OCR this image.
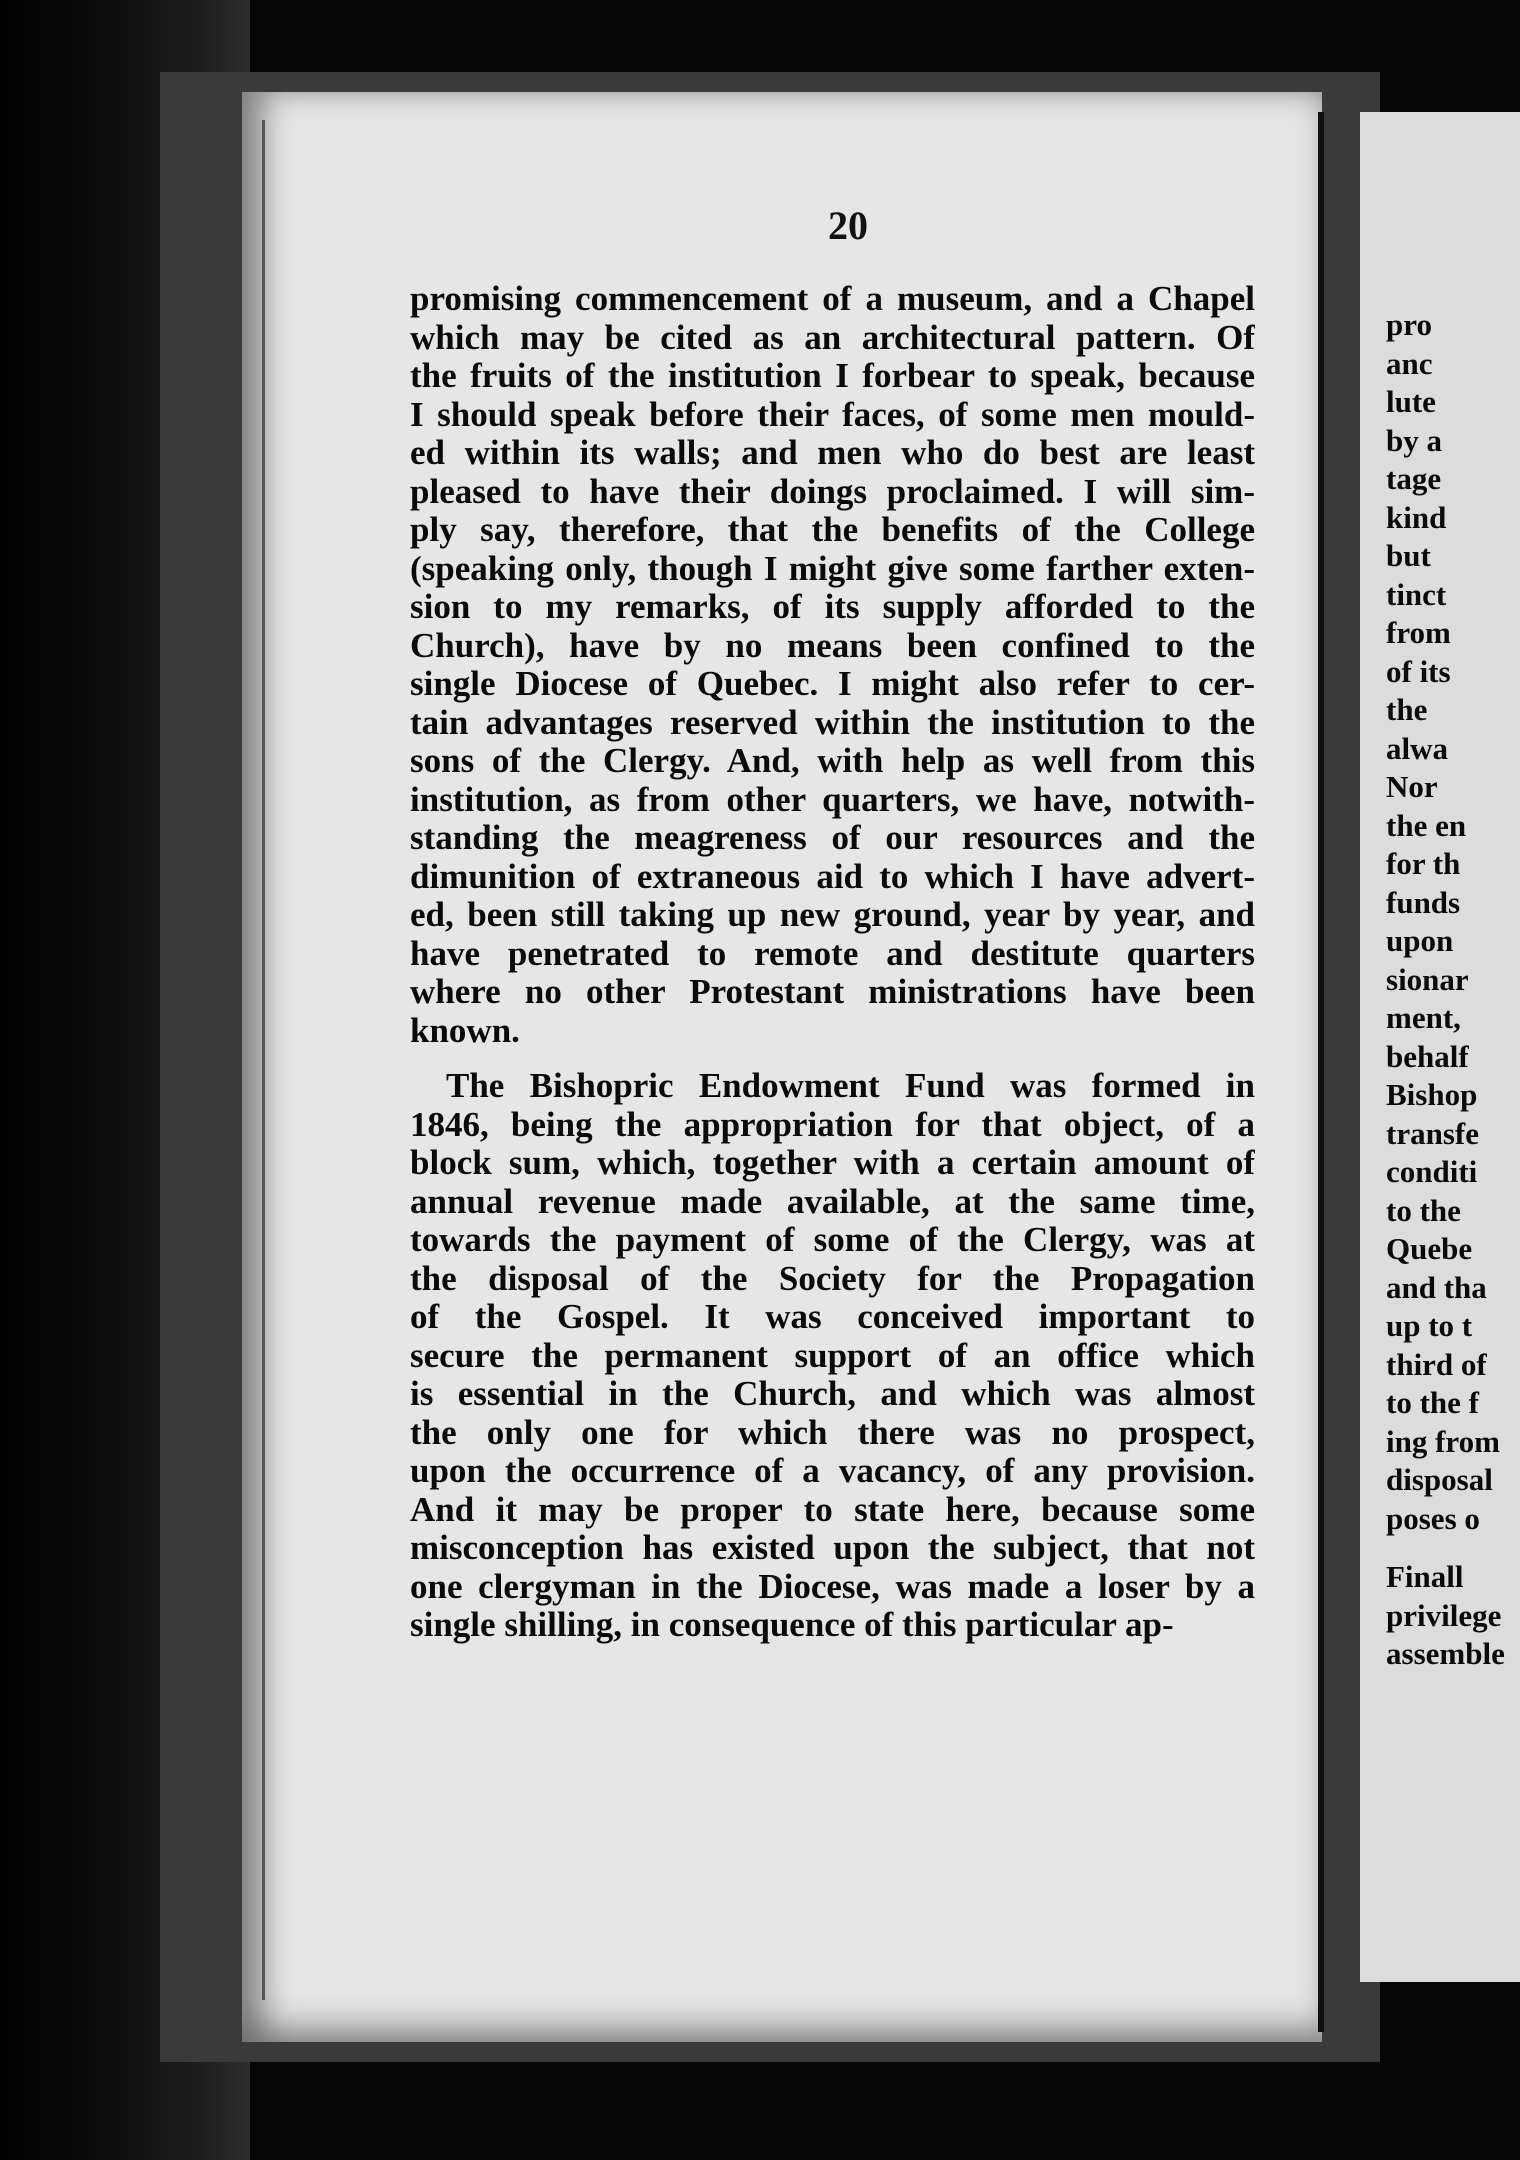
20
promising commencement of a museum, and a Chapel
which may be cited as an architectural pattern. Of
the fruits of the institution I forbear to speak, because
I should speak before their faces, of some men mould-
ed within its walls; and men who do best are least
pleased to have their doings proclaimed. I will sim-
ply say, therefore, that the benefits of the College
(speaking only, though I might give some farther exten-
sion to my remarks, of its supply afforded to the
Church), have by no means been confined to the
single Diocese of Quebec. I might also refer to cer-
tain advantages reserved within the institution to the
sons of the Clergy. And, with help as well from this
institution, as from other quarters, we have, notwith-
standing the meagreness of our resources and the
dimunition of extraneous aid to which I have advert-
ed, been still taking up new ground, year by year, and
have penetrated to remote and destitute quarters
where no other Protestant ministrations have been
known.
The Bishopric Endowment Fund was formed in
1846, being the appropriation for that object, of a
block sum, which, together with a certain amount of
annual revenue made available, at the same time,
towards the payment of some of the Clergy, was at
the disposal of the Society for the Propagation
of the Gospel. It was conceived important to
secure the permanent support of an office which
is essential in the Church, and which was almost
the only one for which there was no prospect,
upon the occurrence of a vacancy, of any provision.
And it may be proper to state here, because some
misconception has existed upon the subject, that not
one clergyman in the Diocese, was made a loser by a
single shilling, in consequence of this particular ap-
pro
anc
lute
by a
tage
kind
but
tinct
from
of its
the
alwa
Nor
the en
for th
funds
upon
sionar
ment,
behalf
Bishop
transfe
conditi
to the
Quebe
and tha
up to t
third of
to the f
ing from
disposal
poses o
Finall
privilege
assemble
